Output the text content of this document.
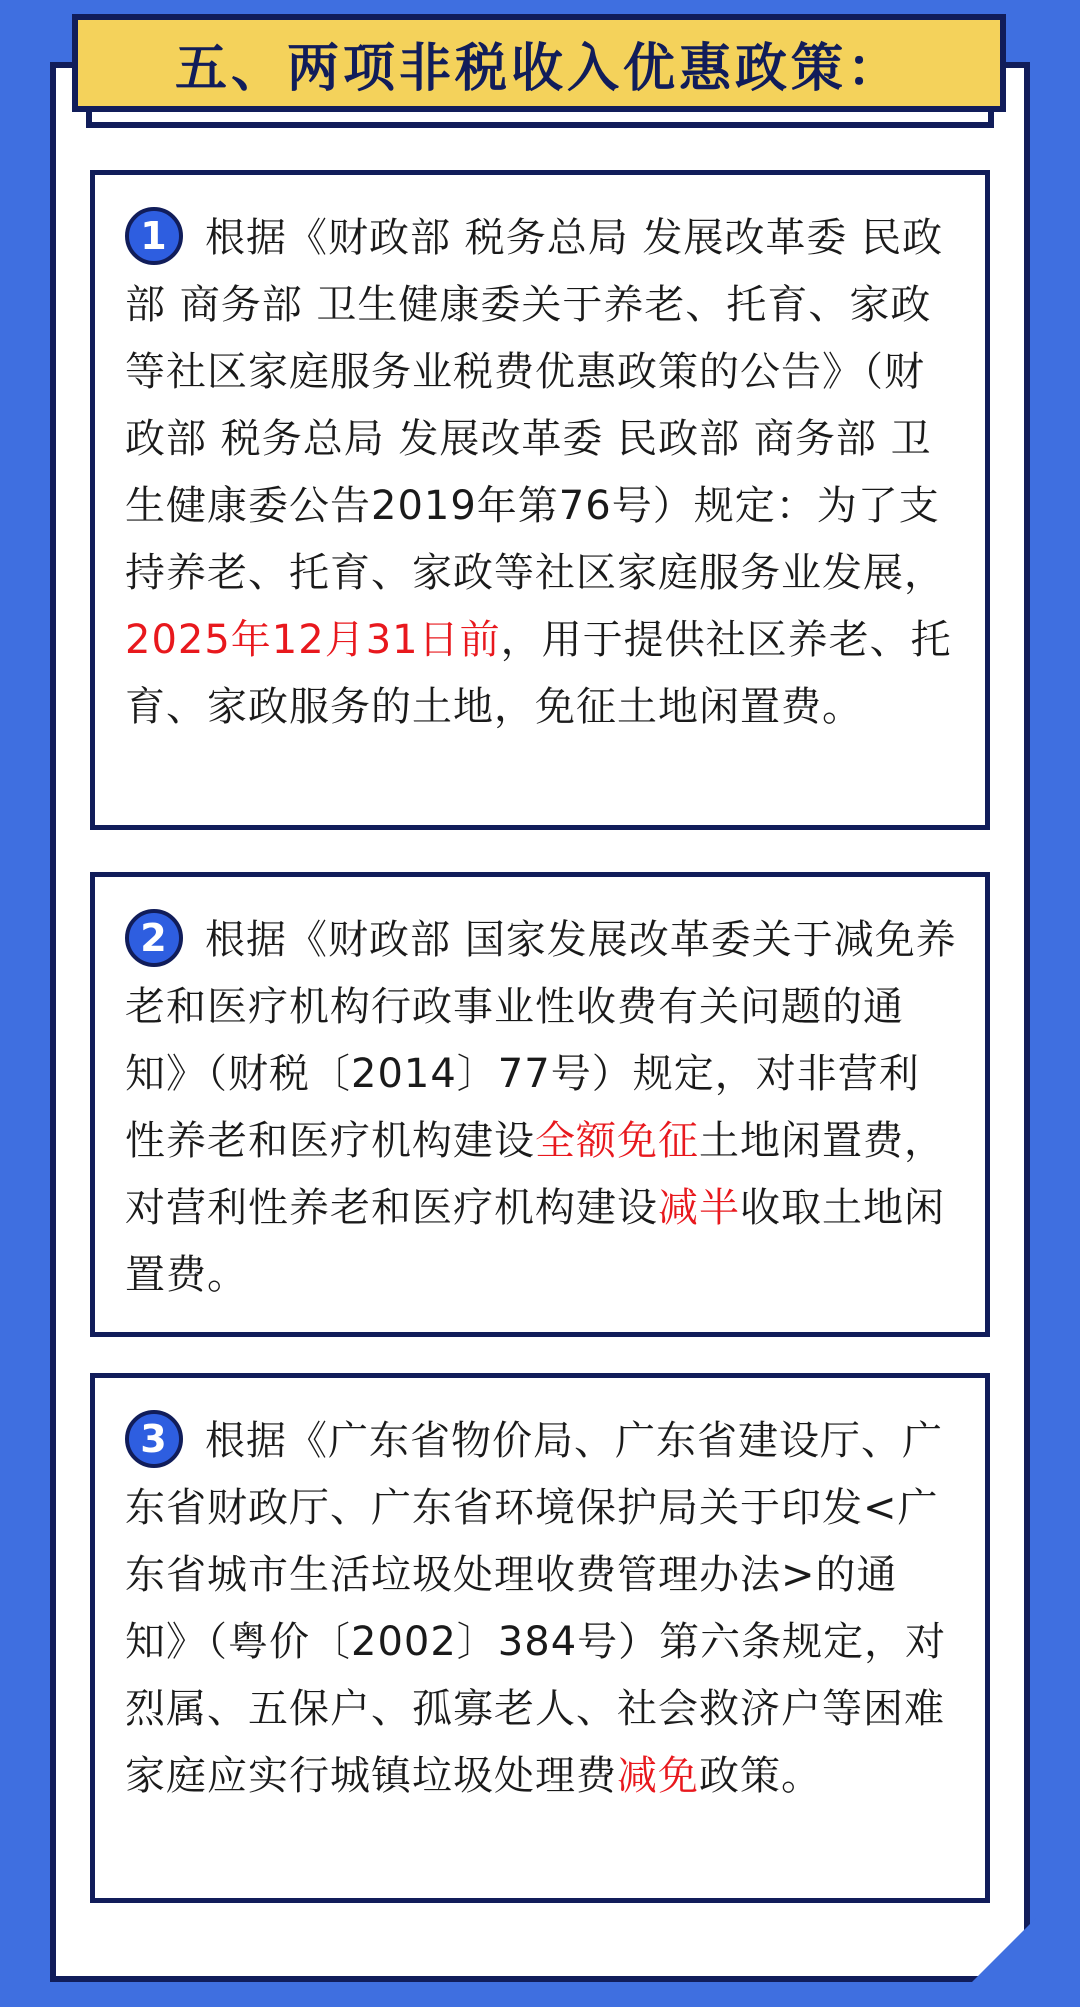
五、两项非税收入优惠政策：

1 根据《财政部 税务总局 发展改革委 民政部 商务部 卫生健康委关于养老、托育、家政等社区家庭服务业税费优惠政策的公告》（财政部 税务总局 发展改革委 民政部 商务部 卫生健康委公告2019年第76号）规定：为了支持养老、托育、家政等社区家庭服务业发展，2025年12月31日前，用于提供社区养老、托育、家政服务的土地，免征土地闲置费。

2 根据《财政部 国家发展改革委关于减免养老和医疗机构行政事业性收费有关问题的通知》（财税〔2014〕77号）规定，对非营利性养老和医疗机构建设全额免征土地闲置费，对营利性养老和医疗机构建设减半收取土地闲置费。

3 根据《广东省物价局、广东省建设厅、广东省财政厅、广东省环境保护局关于印发<广东省城市生活垃圾处理收费管理办法>的通知》（粤价〔2002〕384号）第六条规定，对烈属、五保户、孤寡老人、社会救济户等困难家庭应实行城镇垃圾处理费减免政策。
